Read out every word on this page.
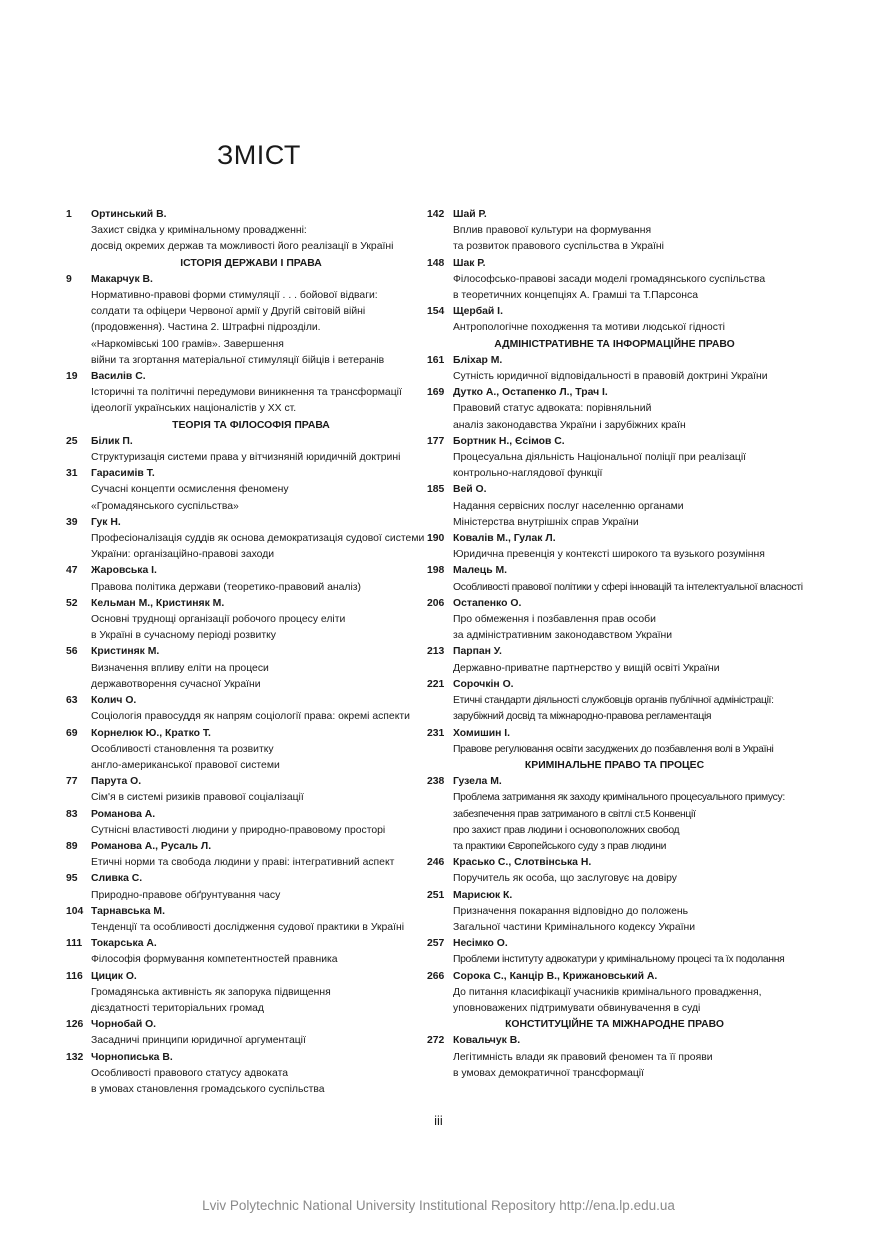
ЗМІСТ
1 Ортинський В.
Захист свідка у кримінальному провадженні:
досвід окремих держав та можливості його реалізації в Україні
ІСТОРІЯ ДЕРЖАВИ І ПРАВА
9 Макарчук В.
Нормативно-правові форми стимуляції . . . бойової відваги:
солдати та офіцери Червоної армії у Другій світовій війні
(продовження). Частина 2. Штрафні підрозділи.
«Наркомівські 100 грамів». Завершення
війни та згортання матеріальної стимуляції бійців і ветеранів
19 Василів С.
Історичні та політичні передумови виникнення та трансформації
ідеології українських націоналістів у ХХ ст.
ТЕОРІЯ ТА ФІЛОСОФІЯ ПРАВА
25 Білик П.
Структуризація системи права у вітчизняній юридичній доктрині
31 Гарасимів Т.
Сучасні концепти осмислення феномену
«Громадянського суспільства»
39 Гук Н.
Професіоналізація суддів як основа демократизація судової системи
України: організаційно-правові заходи
47 Жаровська І.
Правова політика держави (теоретико-правовий аналіз)
52 Кельман М., Кристиняк М.
Основні труднощі організації робочого процесу еліти
в Україні в сучасному періоді розвитку
56 Кристиняк М.
Визначення впливу еліти на процеси
державотворення сучасної України
63 Колич О.
Соціологія правосуддя як напрям соціології права: окремі аспекти
69 Корнелюк Ю., Кратко Т.
Особливості становлення та розвитку
англо-американської правової системи
77 Парута О.
Сім'я в системі ризиків правової соціалізації
83 Романова А.
Сутнісні властивості людини у природно-правовому просторі
89 Романова А., Русаль Л.
Етичні норми та свобода людини у праві: інтегративний аспект
95 Сливка С.
Природно-правове обґрунтування часу
104 Тарнавська М.
Тенденції та особливості дослідження судової практики в Україні
111 Токарська А.
Філософія формування компетентностей правника
116 Цицик О.
Громадянська активність як запорука підвищення
дієздатності територіальних громад
126 Чорнобай О.
Засадничі принципи юридичної аргументації
132 Чорнописька В.
Особливості правового статусу адвоката
в умовах становлення громадського суспільства
142 Шай Р.
Вплив правової культури на формування
та розвиток правового суспільства в Україні
148 Шак Р.
Філософсько-правові засади моделі громадянського суспільства
в теоретичних концепціях А. Грамші та Т.Парсонса
154 Щербай І.
Антропологічне походження та мотиви людської гідності
АДМІНІСТРАТИВНЕ ТА ІНФОРМАЦІЙНЕ ПРАВО
161 Бліхар М.
Сутність юридичної відповідальності в правовій доктрині України
169 Дутко А., Остапенко Л., Трач І.
Правовий статус адвоката: порівняльний
аналіз законодавства України і зарубіжних країн
177 Бортник Н., Єсімов С.
Процесуальна діяльність Національної поліції при реалізації
контрольно-наглядової функції
185 Вей О.
Надання сервісних послуг населенню органами
Міністерства внутрішніх справ України
190 Ковалів М., Гулак Л.
Юридична превенція у контексті широкого та вузького розуміння
198 Малець М.
Особливості правової політики у сфері інновацій та інтелектуальної власності
206 Остапенко О.
Про обмеження і позбавлення прав особи
за адміністративним законодавством України
213 Парпан У.
Державно-приватне партнерство у вищій освіті України
221 Сорочкін О.
Етичні стандарти діяльності службовців органів публічної адміністрації:
зарубіжний досвід та міжнародно-правова регламентація
231 Хомишин І.
Правове регулювання освіти засуджених до позбавлення волі в Україні
КРИМІНАЛЬНЕ ПРАВО ТА ПРОЦЕС
238 Гузела М.
Проблема затримання як заходу кримінального процесуального примусу:
забезпечення прав затриманого в світлі ст.5 Конвенції
про захист прав людини і основоположних свобод
та практики Європейського суду з прав людини
246 Красько С., Слотвінська Н.
Поручитель як особа, що заслуговує на довіру
251 Марисюк К.
Призначення покарання відповідно до положень
Загальної частини Кримінального кодексу України
257 Несімко О.
Проблеми інституту адвокатури у кримінальному процесі та їх подолання
266 Сорока С., Канцір В., Крижановський А.
До питання класифікації учасників кримінального провадження,
уповноважених підтримувати обвинувачення в суді
КОНСТИТУЦІЙНЕ ТА МІЖНАРОДНЕ ПРАВО
272 Ковальчук В.
Легітимність влади як правовий феномен та її прояви
в умовах демократичної трансформації
iii
Lviv Polytechnic National University Institutional Repository http://ena.lp.edu.ua
